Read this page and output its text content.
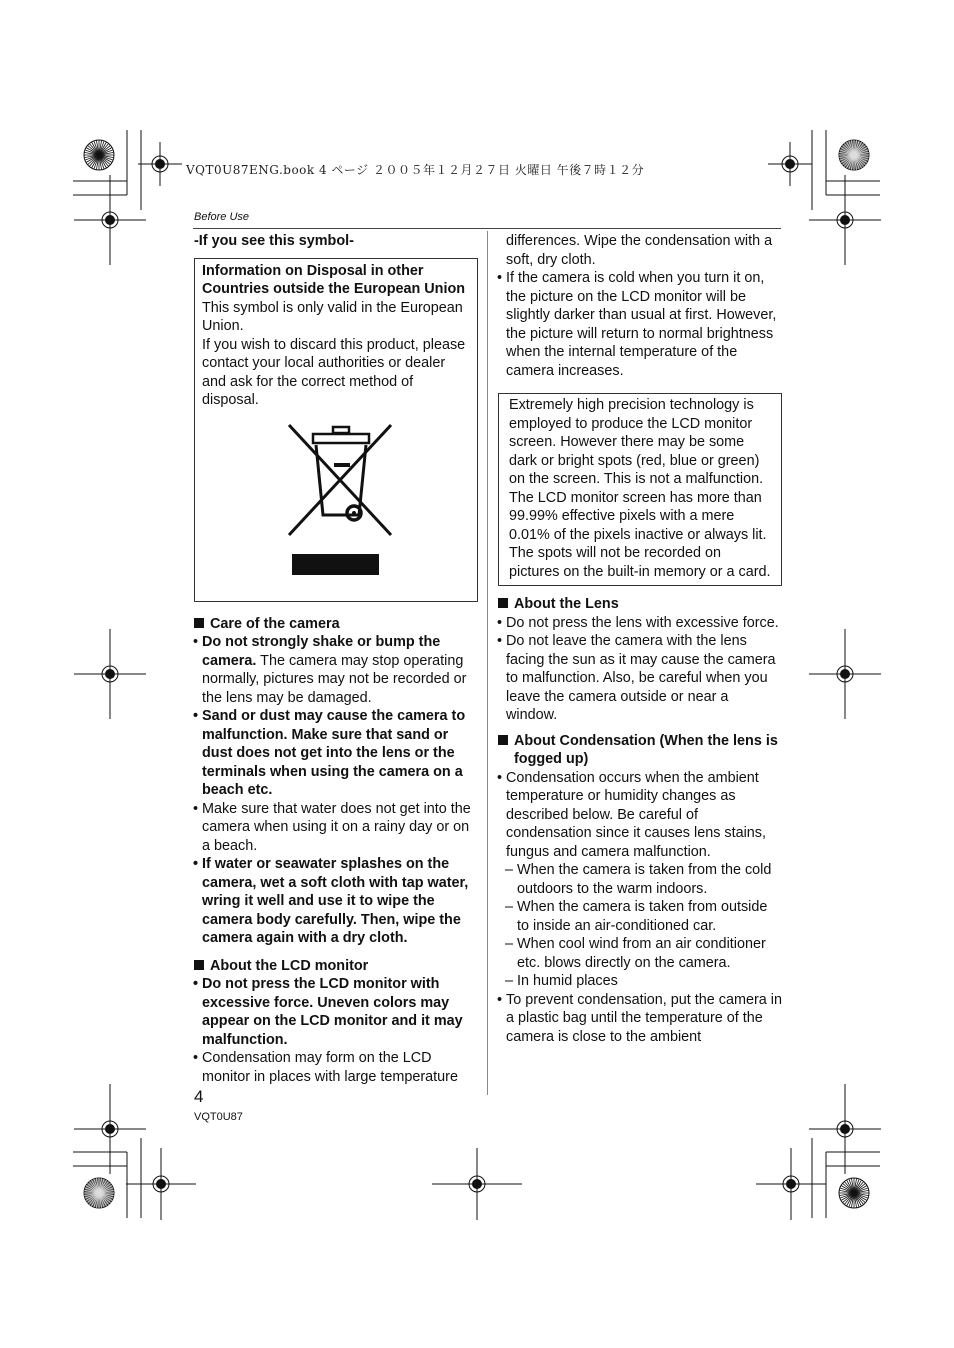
VQT0U87ENG.book 4 ページ ２００５年１２月２７日 火曜日 午後７時１２分
Before Use

-If you see this symbol-

Information on Disposal in other Countries outside the European Union

This symbol is only valid in the European Union.

If you wish to discard this product, please contact your local authorities or dealer and ask for the correct method of disposal.

Care of the camera

• Do not strongly shake or bump the camera. The camera may stop operating normally, pictures may not be recorded or the lens may be damaged.

• Sand or dust may cause the camera to malfunction. Make sure that sand or dust does not get into the lens or the terminals when using the camera on a beach etc.

• Make sure that water does not get into the camera when using it on a rainy day or on a beach.

• If water or seawater splashes on the camera, wet a soft cloth with tap water, wring it well and use it to wipe the camera body carefully. Then, wipe the camera again with a dry cloth.

About the LCD monitor

• Do not press the LCD monitor with excessive force. Uneven colors may appear on the LCD monitor and it may malfunction.

• Condensation may form on the LCD monitor in places with large temperature

differences. Wipe the condensation with a soft, dry cloth.

• If the camera is cold when you turn it on, the picture on the LCD monitor will be slightly darker than usual at first. However, the picture will return to normal brightness when the internal temperature of the camera increases.

Extremely high precision technology is employed to produce the LCD monitor screen. However there may be some dark or bright spots (red, blue or green) on the screen. This is not a malfunction. The LCD monitor screen has more than 99.99% effective pixels with a mere 0.01% of the pixels inactive or always lit. The spots will not be recorded on pictures on the built-in memory or a card.

About the Lens

• Do not press the lens with excessive force.

• Do not leave the camera with the lens facing the sun as it may cause the camera to malfunction. Also, be careful when you leave the camera outside or near a window.

About Condensation (When the lens is fogged up)

• Condensation occurs when the ambient temperature or humidity changes as described below. Be careful of condensation since it causes lens stains, fungus and camera malfunction.

– When the camera is taken from the cold outdoors to the warm indoors.

– When the camera is taken from outside to inside an air-conditioned car.

– When cool wind from an air conditioner etc. blows directly on the camera.

– In humid places

• To prevent condensation, put the camera in a plastic bag until the temperature of the camera is close to the ambient

4
VQT0U87
